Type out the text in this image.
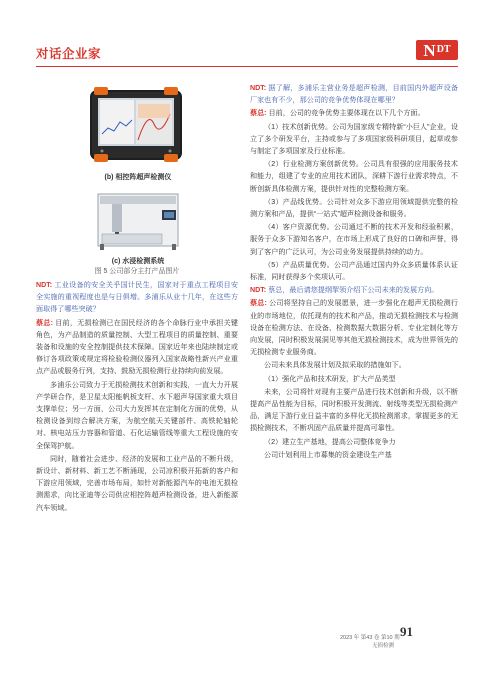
对话企业家	N DT
(b) 相控阵超声检测仪
(c) 水浸检测系统
图 5 公司部分主打产品图片

NDT: 工业设备的安全关乎国计民生，国家对于重点工程项目安全实施的重视程度也是与日俱增。多浦乐从业十几年，在这些方面取得了哪些突破？

蔡总: 目前，无损检测已在国民经济的各个命脉行业中承担关键角色，为产品制造的质量控制、大型工程项目的质量控制、重要装备和设施的安全控制提供技术保障。国家近年来也陆续制定或修订各项政策或规定将检验检测仪器列入国家战略性新兴产业重点产品或服务行列，支持、鼓励无损检测行业持续向前发展。

多浦乐公司致力于无损检测技术创新和实践，一直大力开展产学研合作，是卫星太阳能帆板支杆、水下超声导国家重大项目支撑单位；另一方面，公司大力发挥其在定制化方面的优势，从检测设备到综合解决方案，为航空航天关键部件、高铁轮轴轮对、核电站压力容器和管道、石化运输管线等重大工程设施的安全保驾护航。

同时，随着社会进步、经济的发展和工业产品的不断升级，新设计、新材料、新工艺不断涌现，公司凉积极开拓新的客户和下游应用领域，完善市场布局，如针对新能源汽车的电池无损检测需求，向比亚迪等公司供应相控阵超声检测设备，进入新能源汽车领域。

NDT: 据了解，多浦乐主营业务是超声检测，目前国内外超声设备厂家也有不少，那公司的竞争优势体现在哪里？

蔡总: 目前，公司的竞争优势主要体现在以下几个方面。

（1）技术创新优势。公司为国家级专精特新“小巨人”企业，设立了多个研发平台，主持或参与了多项国家级科研项目，起草或参与制定了多项国家及行业标准。

（2）行业检测方案创新优势。公司具有很强的应用服务技术和能力，组建了专业的应用技术团队，深耕下游行业需求特点，不断创新具体检测方案，提供针对性的完整检测方案。

（3）产品线优势。公司针对众多下游应用领域提供完整的检测方案和产品，提供“一站式”超声检测设备和服务。

（4）客户资源优势。公司通过不断的技术开发和经验积累，服务于众多下游知名客户，在市场上形成了良好的口碑和声誉，得到了客户的广泛认可，为公司业务发展提供持续的动力。

（5）产品质量优势。公司产品通过国内外众多质量体系认证标准，同时获得多个奖项认可。

NDT: 蔡总，最后请您提纲挈领介绍下公司未来的发展方向。

蔡总: 公司将坚持自己的发展愿景，进一步强化在超声无损检测行业的市场地位，依托现有的技术和产品，推动无损检测技术与检测设备在检测方法、在设备、检测数据大数据分析、专业定制化等方向发展，同时积极发展洞见等其他无损检测技术，成为世界领先的无损检测专业服务商。

公司未来具体发展计划及拟采取的措施如下。

（1）强化产品和技术研发，扩大产品类型

未来，公司将针对现有主要产品进行技术创新和升级，以不断提高产品性能为目标，同时积极开发测流、射线等类型无损检测产品，满足下游行业日益丰富的多样化无损检测需求，掌握更多的无损检测技术，不断巩固产品质量并提高可靠性。

（2）建立生产基地，提高公司整体竞争力

公司计划利用上市募集的资金建设生产基

91
2023 年 第43 卷 第10 期
无损检测
